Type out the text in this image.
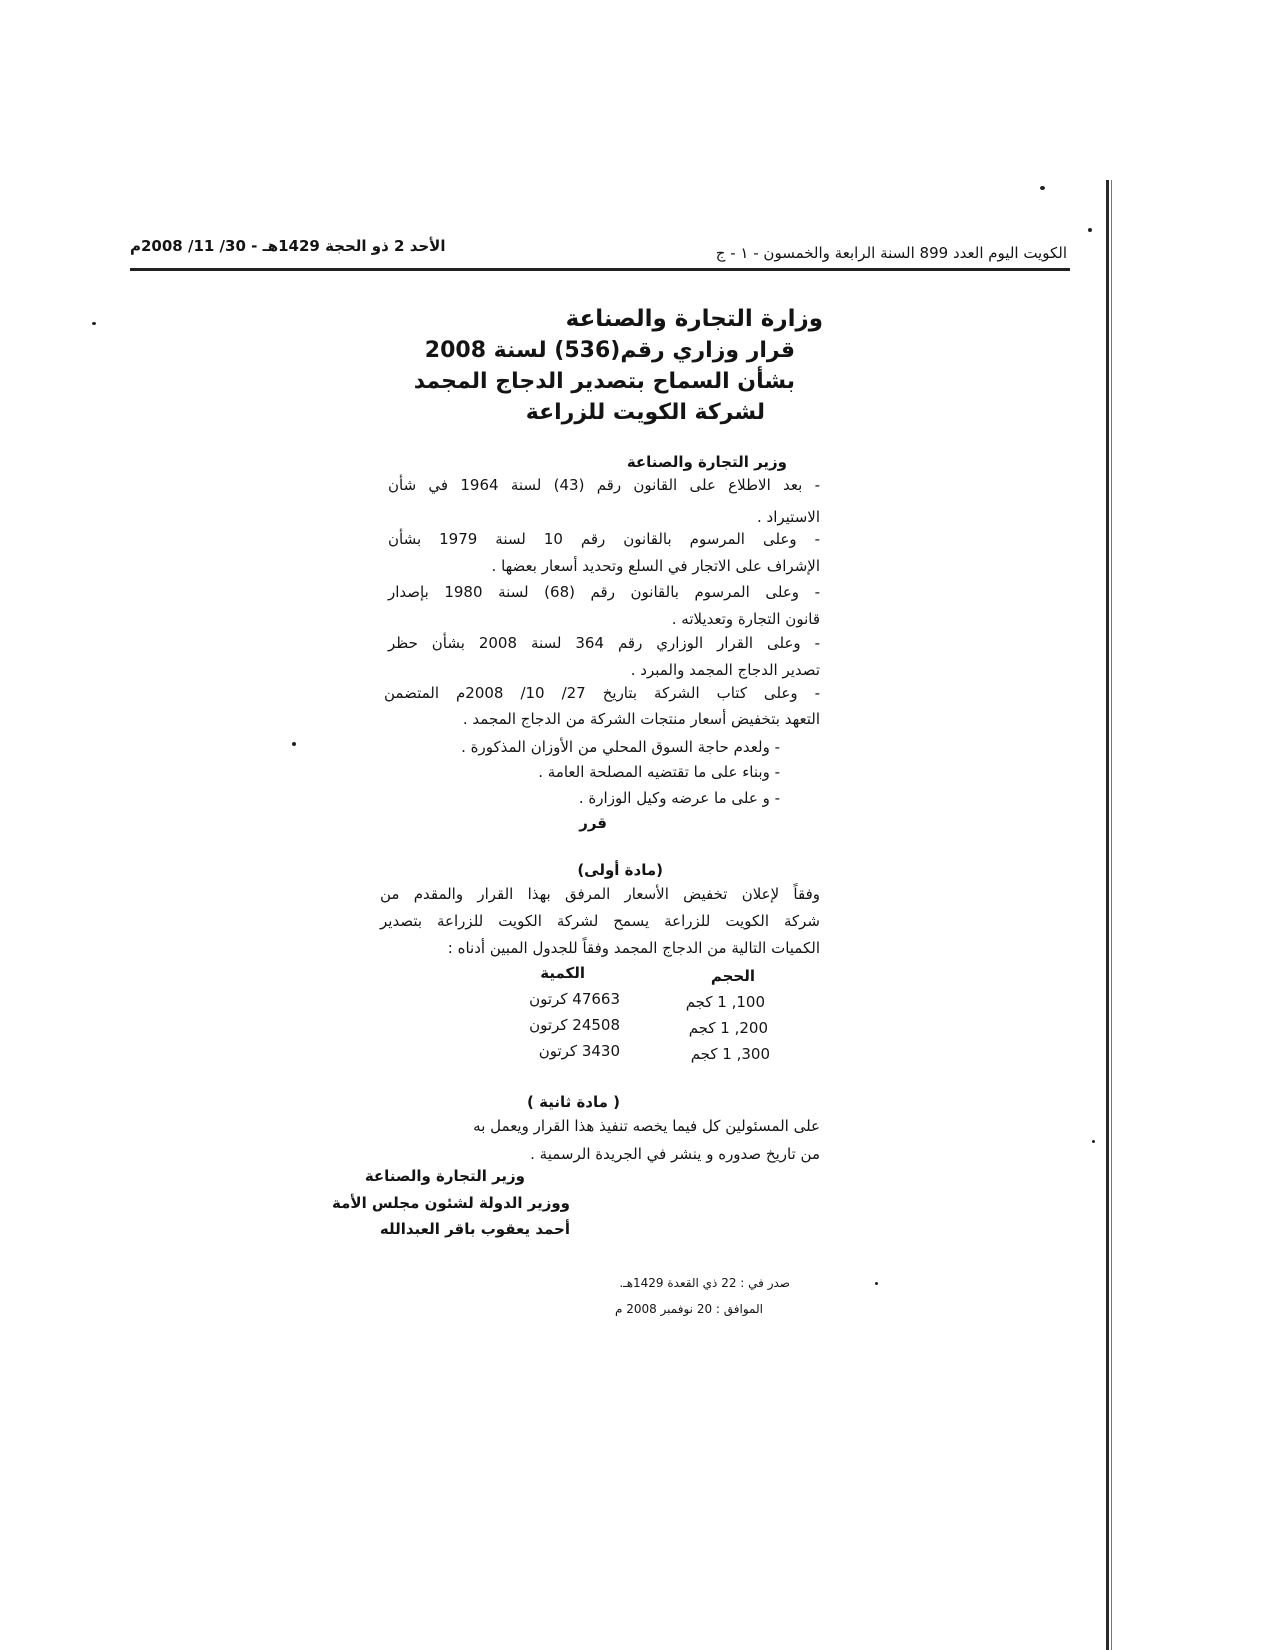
الكويت اليوم العدد 899 السنة الرابعة والخمسون - ١ - ج
الأحد 2 ذو الحجة 1429هـ - 30/ 11/ 2008م
وزارة التجارة والصناعة
قرار وزاري رقم(536) لسنة 2008
بشأن السماح بتصدير الدجاج المجمد
لشركة الكويت للزراعة
وزير التجارة والصناعة
- بعد الاطلاع على القانون رقم (43) لسنة 1964 في شأن
الاستيراد .
- وعلى المرسوم بالقانون رقم 10 لسنة 1979 بشأن
الإشراف على الاتجار في السلع وتحديد أسعار بعضها .
- وعلى المرسوم بالقانون رقم (68) لسنة 1980 بإصدار
قانون التجارة وتعديلاته .
- وعلى القرار الوزاري رقم 364 لسنة 2008 بشأن حظر
تصدير الدجاج المجمد والمبرد .
- وعلى كتاب الشركة بتاريخ 27/ 10/ 2008م المتضمن
التعهد بتخفيض أسعار منتجات الشركة من الدجاج المجمد .
- ولعدم حاجة السوق المحلي من الأوزان المذكورة .
- وبناء على ما تقتضيه المصلحة العامة .
- و على ما عرضه وكيل الوزارة .
قرر
(مادة أولى)
وفقاً لإعلان تخفيض الأسعار المرفق بهذا القرار والمقدم من
شركة الكويت للزراعة يسمح لشركة الكويت للزراعة بتصدير
الكميات التالية من الدجاج المجمد وفقاً للجدول المبين أدناه :
الحجم
الكمية
100, 1 كجم
47663 كرتون
200, 1 كجم
24508 كرتون
300, 1 كجم
3430 كرتون
( مادة ثانية )
على المسئولين كل فيما يخصه تنفيذ هذا القرار ويعمل به
من تاريخ صدوره و ينشر في الجريدة الرسمية .
وزير التجارة والصناعة
ووزير الدولة لشئون مجلس الأمة
أحمد يعقوب باقر العبدالله
صدر في : 22 ذي القعدة 1429هـ.
الموافق : 20 نوفمبر 2008 م
